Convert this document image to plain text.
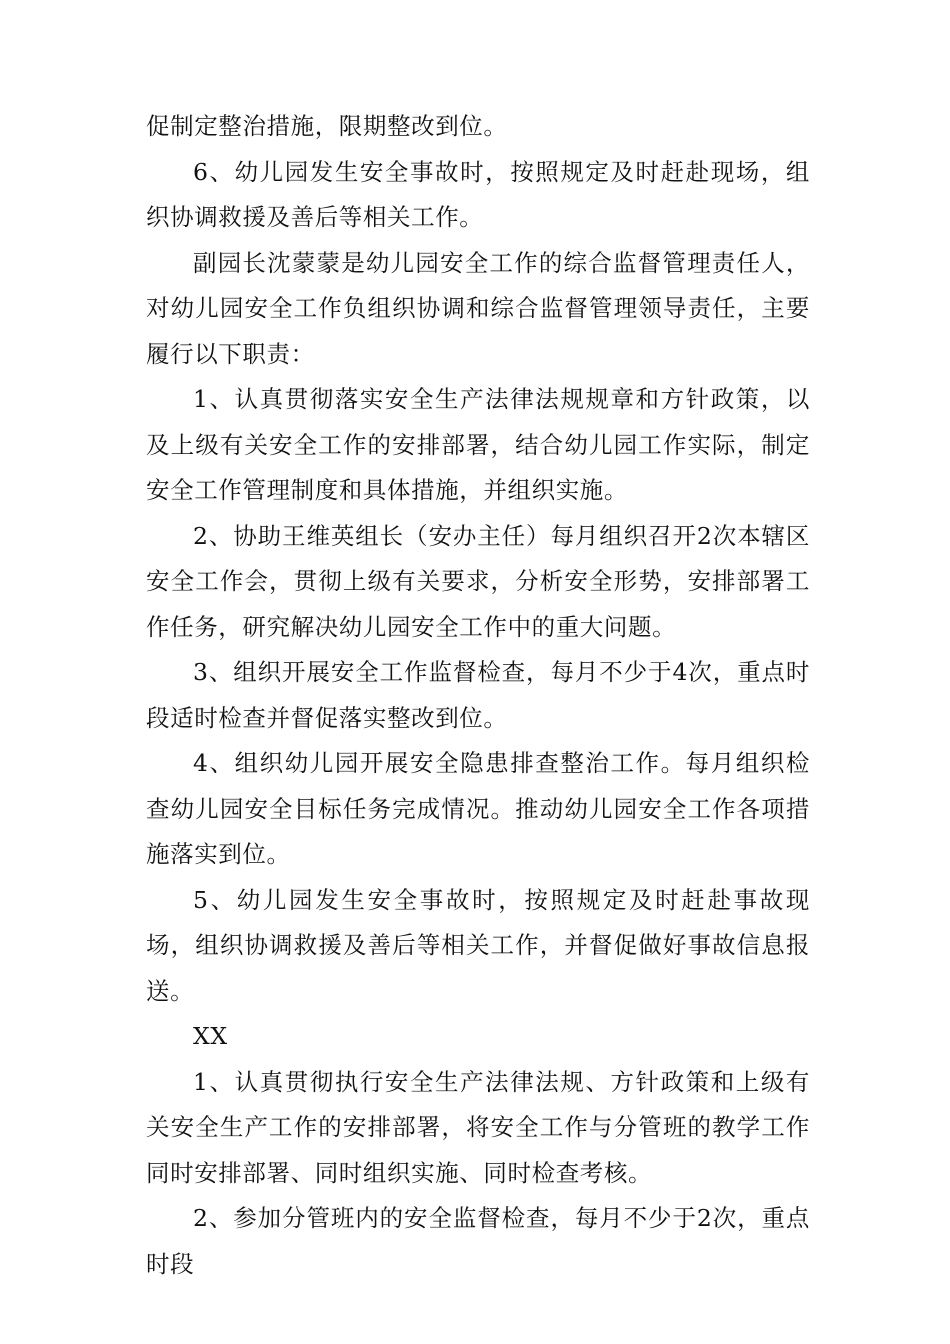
促制定整治措施，限期整改到位。

6、幼儿园发生安全事故时，按照规定及时赶赴现场，组织协调救援及善后等相关工作。

副园长沈蒙蒙是幼儿园安全工作的综合监督管理责任人，对幼儿园安全工作负组织协调和综合监督管理领导责任，主要履行以下职责：

1、认真贯彻落实安全生产法律法规规章和方针政策，以及上级有关安全工作的安排部署，结合幼儿园工作实际，制定安全工作管理制度和具体措施，并组织实施。

2、协助王维英组长（安办主任）每月组织召开2次本辖区安全工作会，贯彻上级有关要求，分析安全形势，安排部署工作任务，研究解决幼儿园安全工作中的重大问题。

3、组织开展安全工作监督检查，每月不少于4次，重点时段适时检查并督促落实整改到位。

4、组织幼儿园开展安全隐患排查整治工作。每月组织检查幼儿园安全目标任务完成情况。推动幼儿园安全工作各项措施落实到位。

5、幼儿园发生安全事故时，按照规定及时赶赴事故现场，组织协调救援及善后等相关工作，并督促做好事故信息报送。

XX

1、认真贯彻执行安全生产法律法规、方针政策和上级有关安全生产工作的安排部署，将安全工作与分管班的教学工作同时安排部署、同时组织实施、同时检查考核。

2、参加分管班内的安全监督检查，每月不少于2次，重点时段
